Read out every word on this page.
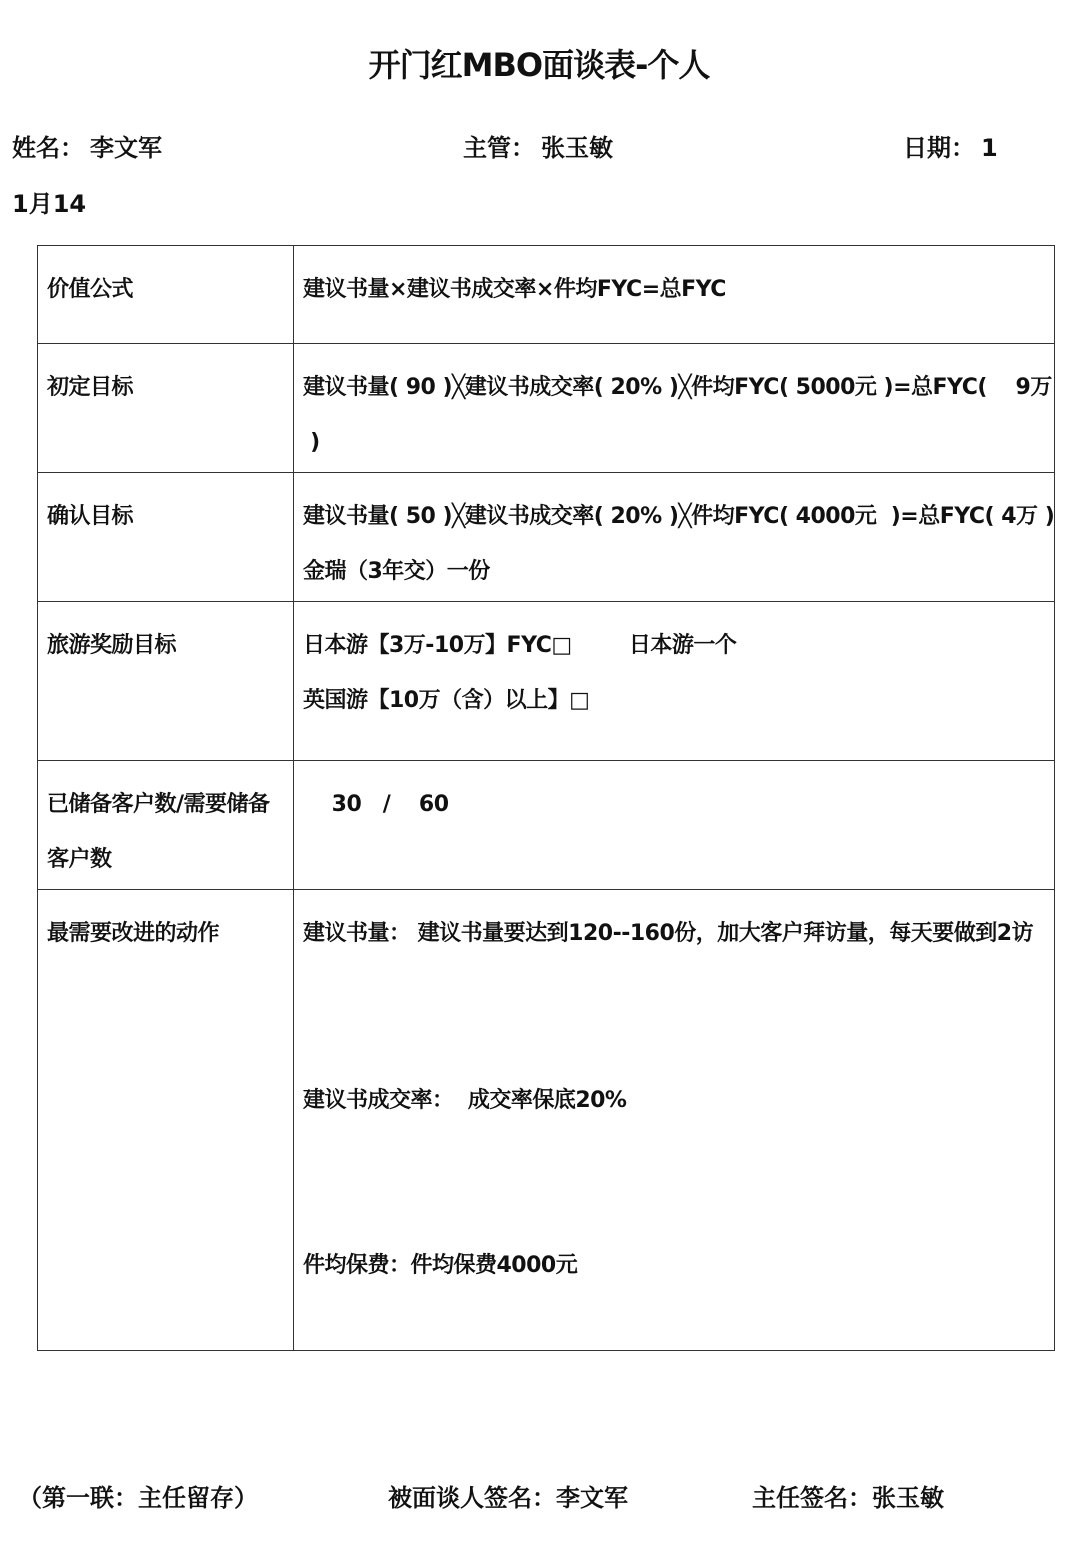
开门红MBO面谈表-个人
姓名： 李文军	主管： 张玉敏	日期： 1
1月14
价值公式	建议书量×建议书成交率×件均FYC=总FYC

初定目标	建议书量( 90 )╳建议书成交率( 20% )╳件均FYC( 5000元 )=总FYC(    9万
)

确认目标	建议书量( 50 )╳建议书成交率( 20% )╳件均FYC( 4000元  )=总FYC( 4万 )
金瑞（3年交）一份

旅游奖励目标	日本游【3万-10万】FYC□        日本游一个
英国游【10万（含）以上】□

已储备客户数/需要储备客户数	30   /    60

最需要改进的动作	建议书量： 建议书量要达到120--160份，加大客户拜访量，每天要做到2访
建议书成交率：  成交率保底20%
件均保费：件均保费4000元
（第一联：主任留存）	被面谈人签名：李文军	主任签名：张玉敏
